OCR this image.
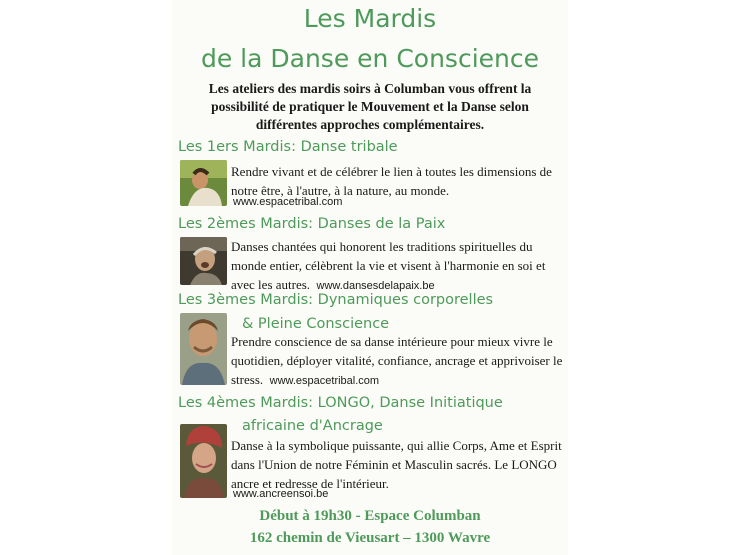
Les Mardis
de la Danse en Conscience

Les ateliers des mardis soirs à Columban vous offrent la possibilité de pratiquer le Mouvement et la Danse selon différentes approches complémentaires.

Les 1ers Mardis: Danse tribale

Rendre vivant et de célébrer le lien à toutes les dimensions de notre être, à l'autre, à la nature, au monde.

www.espacetribal.com
Les 2èmes Mardis: Danses de la Paix

Danses chantées qui honorent les traditions spirituelles du monde entier, célèbrent la vie et visent à l'harmonie en soi et avec les autres. www.dansesdelapaix.be

Les 3èmes Mardis: Dynamiques corporelles
& Pleine Conscience

Prendre conscience de sa danse intérieure pour mieux vivre le quotidien, déployer vitalité, confiance, ancrage et apprivoiser le stress. www.espacetribal.com

Les 4èmes Mardis: LONGO, Danse Initiatique
africaine d'Ancrage

Danse à la symbolique puissante, qui allie Corps, Ame et Esprit dans l'Union de notre Féminin et Masculin sacrés. Le LONGO ancre et redresse de l'intérieur.

www.ancreensoi.be

Début à 19h30 - Espace Columban

162 chemin de Vieusart – 1300 Wavre
